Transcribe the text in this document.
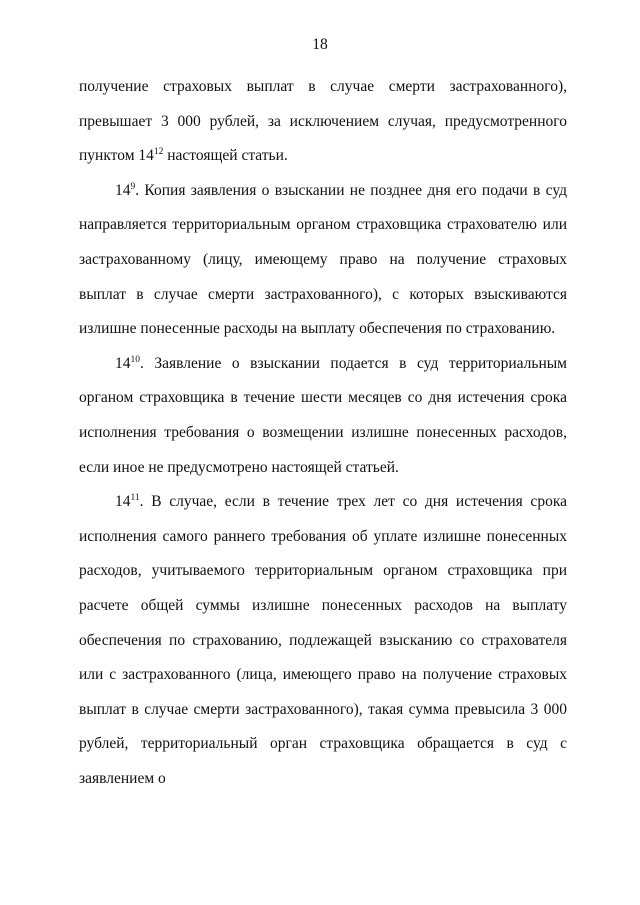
18

получение страховых выплат в случае смерти застрахованного), превышает 3 000 рублей, за исключением случая, предусмотренного пунктом $14^{12}$ настоящей статьи.

$14^9$. Копия заявления о взыскании не позднее дня его подачи в суд направляется территориальным органом страховщика страхователю или застрахованному (лицу, имеющему право на получение страховых выплат в случае смерти застрахованного), с которых взыскиваются излишне понесенные расходы на выплату обеспечения по страхованию.

$14^{10}$. Заявление о взыскании подается в суд территориальным органом страховщика в течение шести месяцев со дня истечения срока исполнения требования о возмещении излишне понесенных расходов, если иное не предусмотрено настоящей статьей.

$14^{11}$. В случае, если в течение трех лет со дня истечения срока исполнения самого раннего требования об уплате излишне понесенных расходов, учитываемого территориальным органом страховщика при расчете общей суммы излишне понесенных расходов на выплату обеспечения по страхованию, подлежащей взысканию со страхователя или с застрахованного (лица, имеющего право на получение страховых выплат в случае смерти застрахованного), такая сумма превысила 3 000 рублей, территориальный орган страховщика обращается в суд с заявлением о
